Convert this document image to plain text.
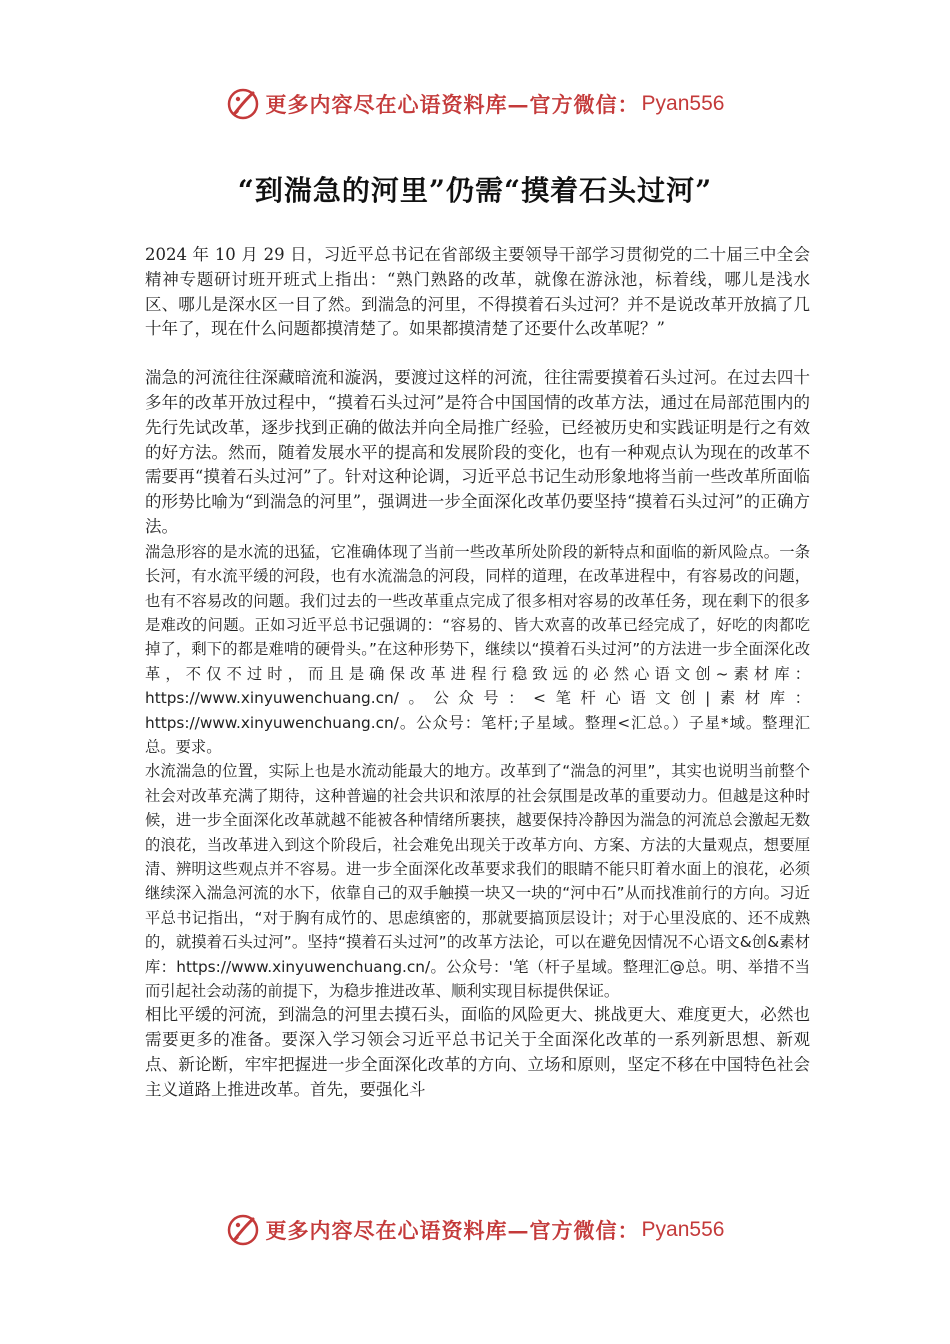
更多内容尽在心语资料库—官方微信： Pyan556
“到湍急的河里”仍需“摸着石头过河”

2024 年 10 月 29 日，习近平总书记在省部级主要领导干部学习贯彻党的二十届三中全会精神专题研讨班开班式上指出：“熟门熟路的改革，就像在游泳池，标着线，哪儿是浅水区、哪儿是深水区一目了然。到湍急的河里，不得摸着石头过河？并不是说改革开放搞了几十年了，现在什么问题都摸清楚了。如果都摸清楚了还要什么改革呢？”

湍急的河流往往深藏暗流和漩涡，要渡过这样的河流，往往需要摸着石头过河。在过去四十多年的改革开放过程中，“摸着石头过河”是符合中国国情的改革方法，通过在局部范围内的先行先试改革，逐步找到正确的做法并向全局推广经验，已经被历史和实践证明是行之有效的好方法。然而，随着发展水平的提高和发展阶段的变化，也有一种观点认为现在的改革不需要再“摸着石头过河”了。针对这种论调，习近平总书记生动形象地将当前一些改革所面临的形势比喻为“到湍急的河里”，强调进一步全面深化改革仍要坚持“摸着石头过河”的正确方法。

湍急形容的是水流的迅猛，它准确体现了当前一些改革所处阶段的新特点和面临的新风险点。一条长河，有水流平缓的河段，也有水流湍急的河段，同样的道理，在改革进程中，有容易改的问题，也有不容易改的问题。我们过去的一些改革重点完成了很多相对容易的改革任务，现在剩下的很多是难改的问题。正如习近平总书记强调的：“容易的、皆大欢喜的改革已经完成了，好吃的肉都吃掉了，剩下的都是难啃的硬骨头。”在这种形势下，继续以“摸着石头过河”的方法进一步全面深化改革，不仅不过时，而且是确保改革进程行稳致远的必然心语文创~素材库：https://www.xinyuwenchuang.cn/。公众号：<笔杆心语文创|素材库：https://www.xinyuwenchuang.cn/。公众号：笔杆;子星域。整理<汇总。）子星*域。整理汇总。要求。

水流湍急的位置，实际上也是水流动能最大的地方。改革到了“湍急的河里”，其实也说明当前整个社会对改革充满了期待，这种普遍的社会共识和浓厚的社会氛围是改革的重要动力。但越是这种时候，进一步全面深化改革就越不能被各种情绪所裹挟，越要保持冷静因为湍急的河流总会激起无数的浪花，当改革进入到这个阶段后，社会难免出现关于改革方向、方案、方法的大量观点，想要厘清、辨明这些观点并不容易。进一步全面深化改革要求我们的眼睛不能只盯着水面上的浪花，必须继续深入湍急河流的水下，依靠自己的双手触摸一块又一块的“河中石”从而找准前行的方向。习近平总书记指出，“对于胸有成竹的、思虑缜密的，那就要搞顶层设计；对于心里没底的、还不成熟的，就摸着石头过河”。坚持“摸着石头过河”的改革方法论，可以在避免因情况不心语文&创&素材库：https://www.xinyuwenchuang.cn/。公众号：'笔（杆子星域。整理汇@总。明、举措不当而引起社会动荡的前提下，为稳步推进改革、顺利实现目标提供保证。

相比平缓的河流，到湍急的河里去摸石头，面临的风险更大、挑战更大、难度更大，必然也需要更多的准备。要深入学习领会习近平总书记关于全面深化改革的一系列新思想、新观点、新论断，牢牢把握进一步全面深化改革的方向、立场和原则，坚定不移在中国特色社会主义道路上推进改革。首先，要强化斗

更多内容尽在心语资料库—官方微信： Pyan556
